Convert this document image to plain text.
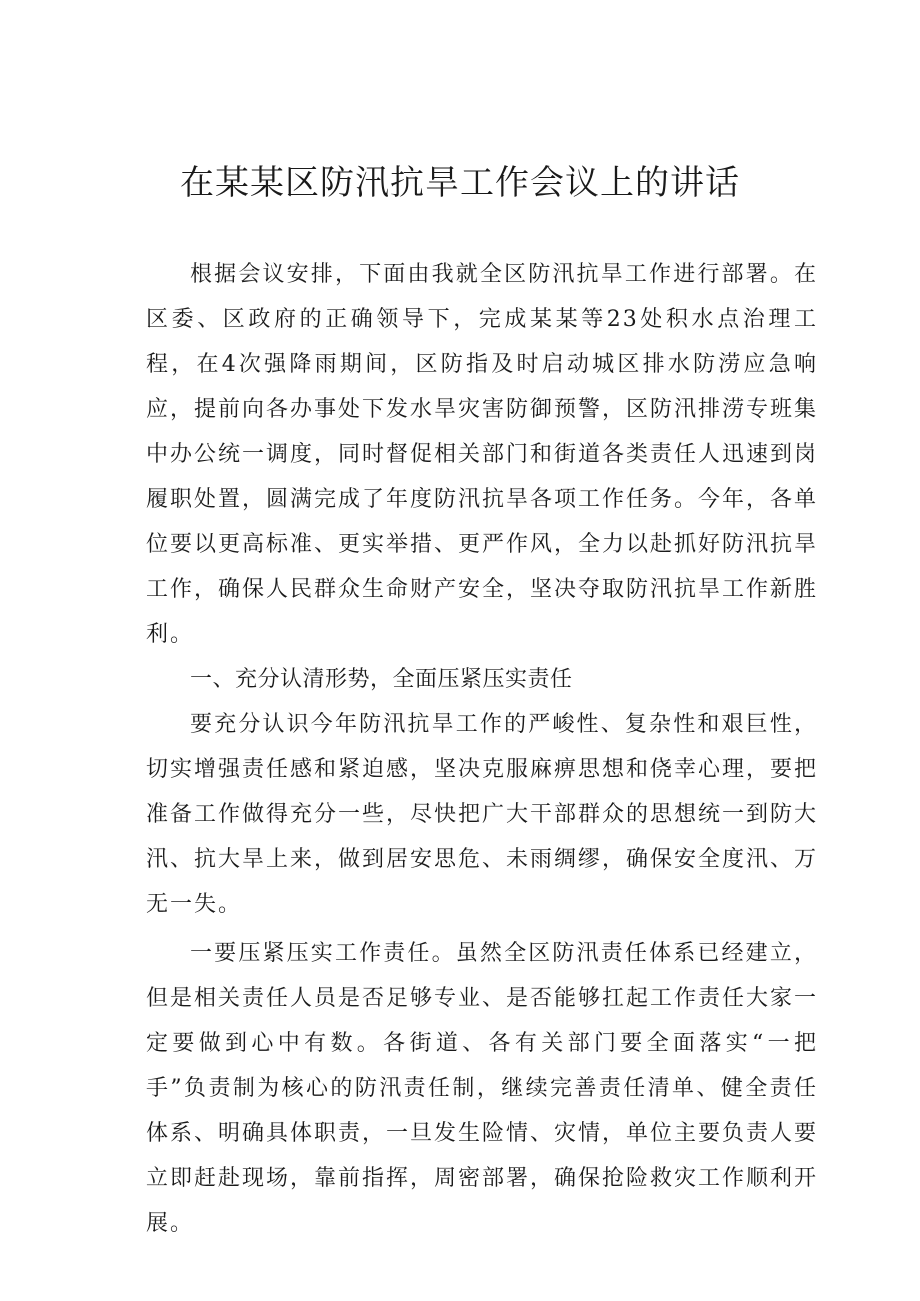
在某某区防汛抗旱工作会议上的讲话

根据会议安排，下面由我就全区防汛抗旱工作进行部署。在区委、区政府的正确领导下，完成某某等23处积水点治理工程，在4次强降雨期间，区防指及时启动城区排水防涝应急响应，提前向各办事处下发水旱灾害防御预警，区防汛排涝专班集中办公统一调度，同时督促相关部门和街道各类责任人迅速到岗履职处置，圆满完成了年度防汛抗旱各项工作任务。今年，各单位要以更高标准、更实举措、更严作风，全力以赴抓好防汛抗旱工作，确保人民群众生命财产安全，坚决夺取防汛抗旱工作新胜利。

一、充分认清形势，全面压紧压实责任

要充分认识今年防汛抗旱工作的严峻性、复杂性和艰巨性，切实增强责任感和紧迫感，坚决克服麻痹思想和侥幸心理，要把准备工作做得充分一些，尽快把广大干部群众的思想统一到防大汛、抗大旱上来，做到居安思危、未雨绸缪，确保安全度汛、万无一失。

一要压紧压实工作责任。虽然全区防汛责任体系已经建立，但是相关责任人员是否足够专业、是否能够扛起工作责任大家一定要做到心中有数。各街道、各有关部门要全面落实“一把手”负责制为核心的防汛责任制，继续完善责任清单、健全责任体系、明确具体职责，一旦发生险情、灾情，单位主要负责人要立即赶赴现场，靠前指挥，周密部署，确保抢险救灾工作顺利开展。
